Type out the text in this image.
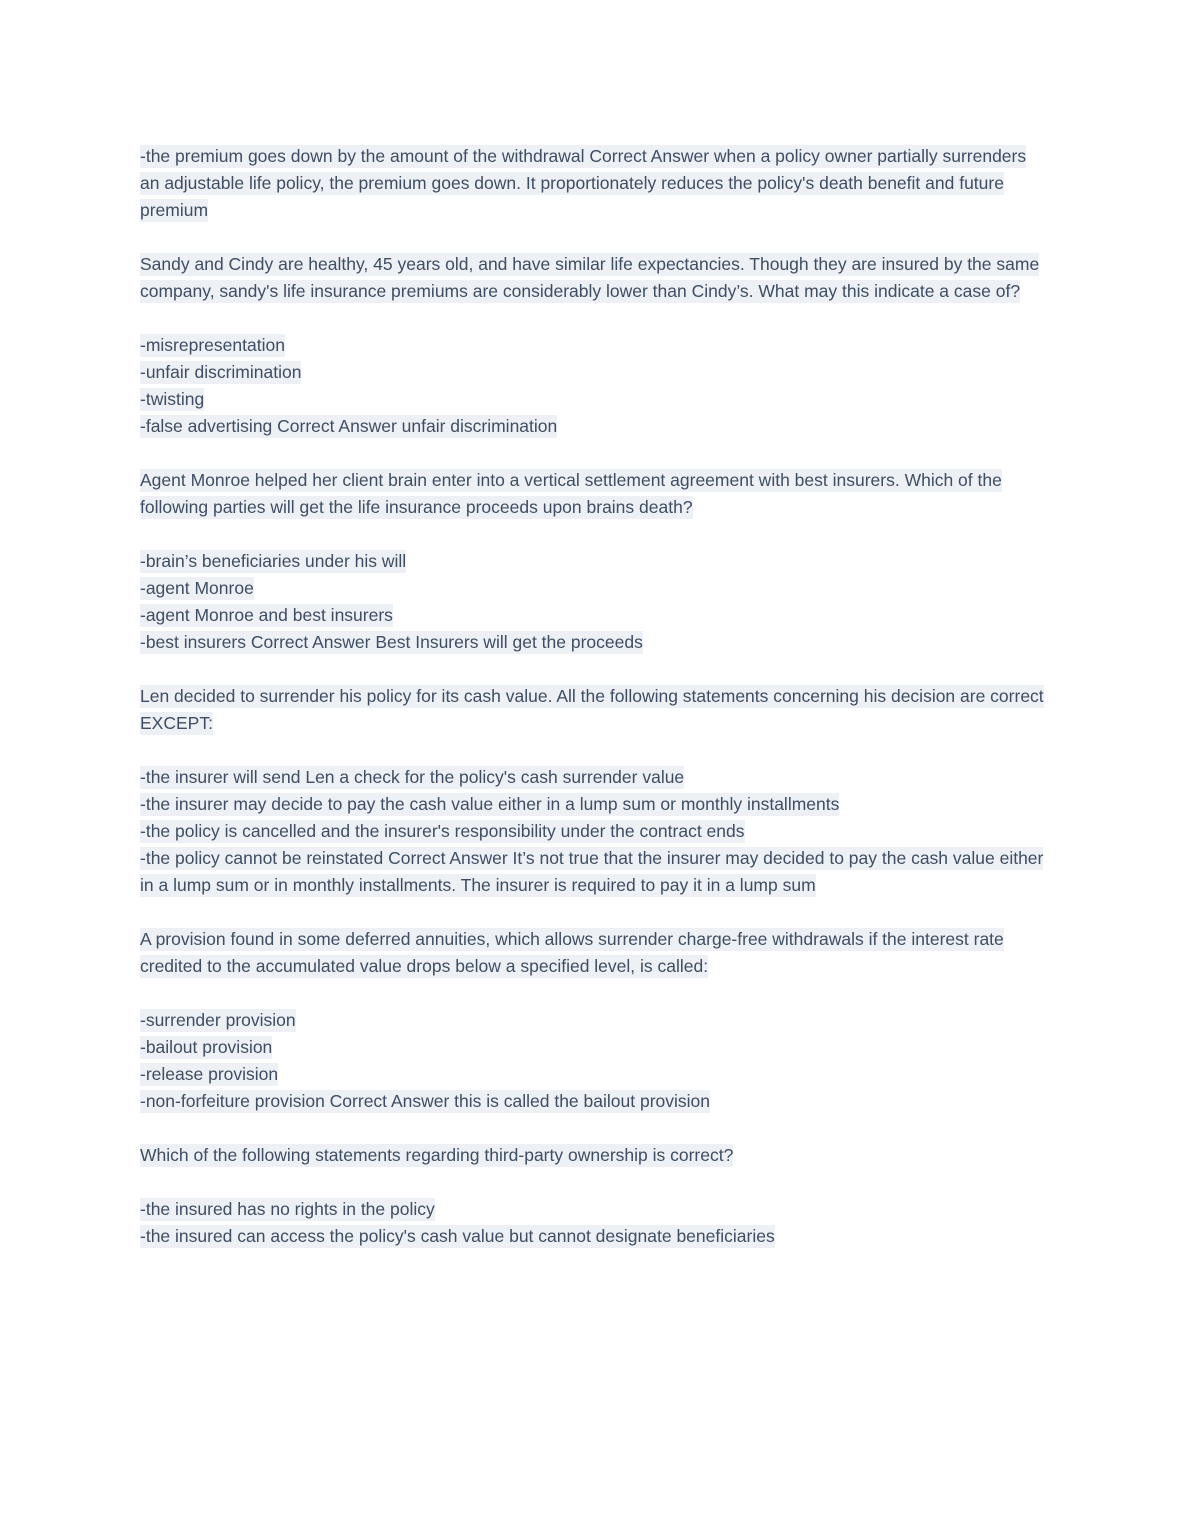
-the premium goes down by the amount of the withdrawal Correct Answer when a policy owner partially surrenders an adjustable life policy, the premium goes down. It proportionately reduces the policy's death benefit and future premium
Sandy and Cindy are healthy, 45 years old, and have similar life expectancies. Though they are insured by the same company, sandy's life insurance premiums are considerably lower than Cindy’s. What may this indicate a case of?
-misrepresentation
-unfair discrimination
-twisting
-false advertising Correct Answer unfair discrimination
Agent Monroe helped her client brain enter into a vertical settlement agreement with best insurers. Which of the following parties will get the life insurance proceeds upon brains death?
-brain’s beneficiaries under his will
-agent Monroe
-agent Monroe and best insurers
-best insurers Correct Answer Best Insurers will get the proceeds
Len decided to surrender his policy for its cash value. All the following statements concerning his decision are correct EXCEPT:
-the insurer will send Len a check for the policy's cash surrender value
-the insurer may decide to pay the cash value either in a lump sum or monthly installments
-the policy is cancelled and the insurer's responsibility under the contract ends
-the policy cannot be reinstated Correct Answer It’s not true that the insurer may decided to pay the cash value either in a lump sum or in monthly installments. The insurer is required to pay it in a lump sum
A provision found in some deferred annuities, which allows surrender charge-free withdrawals if the interest rate credited to the accumulated value drops below a specified level, is called:
-surrender provision
-bailout provision
-release provision
-non-forfeiture provision Correct Answer this is called the bailout provision
Which of the following statements regarding third-party ownership is correct?
-the insured has no rights in the policy
-the insured can access the policy's cash value but cannot designate beneficiaries
